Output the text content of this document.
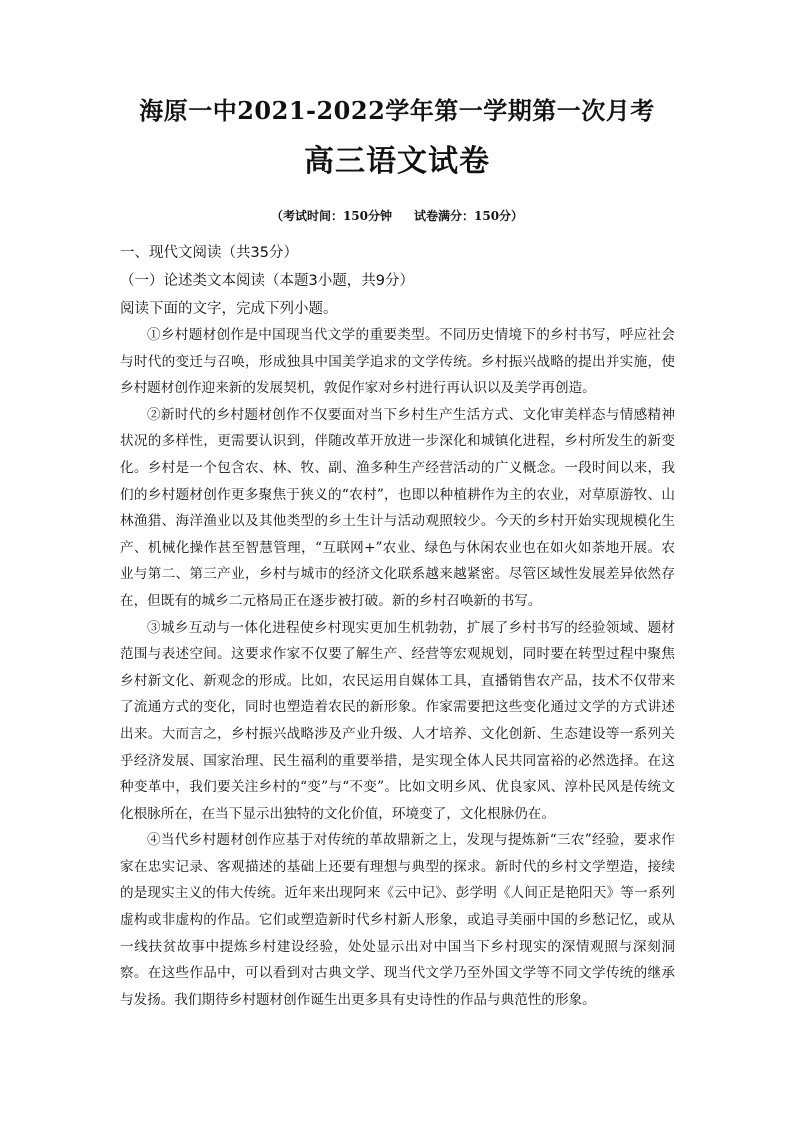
海原一中2021-2022学年第一学期第一次月考
高三语文试卷
（考试时间：150分钟 试卷满分：150分）
一、现代文阅读（共35分）
（一）论述类文本阅读（本题3小题，共9分）
阅读下面的文字，完成下列小题。

①乡村题材创作是中国现当代文学的重要类型。不同历史情境下的乡村书写，呼应社会与时代的变迁与召唤，形成独具中国美学追求的文学传统。乡村振兴战略的提出并实施，使乡村题材创作迎来新的发展契机，敦促作家对乡村进行再认识以及美学再创造。

②新时代的乡村题材创作不仅要面对当下乡村生产生活方式、文化审美样态与情感精神状况的多样性，更需要认识到，伴随改革开放进一步深化和城镇化进程，乡村所发生的新变化。乡村是一个包含农、林、牧、副、渔多种生产经营活动的广义概念。一段时间以来，我们的乡村题材创作更多聚焦于狭义的“农村”，也即以种植耕作为主的农业，对草原游牧、山林渔猎、海洋渔业以及其他类型的乡土生计与活动观照较少。今天的乡村开始实现规模化生产、机械化操作甚至智慧管理，“互联网+”农业、绿色与休闲农业也在如火如荼地开展。农业与第二、第三产业，乡村与城市的经济文化联系越来越紧密。尽管区域性发展差异依然存在，但既有的城乡二元格局正在逐步被打破。新的乡村召唤新的书写。

③城乡互动与一体化进程使乡村现实更加生机勃勃，扩展了乡村书写的经验领域、题材范围与表述空间。这要求作家不仅要了解生产、经营等宏观规划，同时要在转型过程中聚焦乡村新文化、新观念的形成。比如，农民运用自媒体工具，直播销售农产品，技术不仅带来了流通方式的变化，同时也塑造着农民的新形象。作家需要把这些变化通过文学的方式讲述出来。大而言之，乡村振兴战略涉及产业升级、人才培养、文化创新、生态建设等一系列关乎经济发展、国家治理、民生福利的重要举措，是实现全体人民共同富裕的必然选择。在这种变革中，我们要关注乡村的“变”与“不变”。比如文明乡风、优良家风、淳朴民风是传统文化根脉所在，在当下显示出独特的文化价值，环境变了，文化根脉仍在。

④当代乡村题材创作应基于对传统的革故鼎新之上，发现与提炼新“三农”经验，要求作家在忠实记录、客观描述的基础上还要有理想与典型的探求。新时代的乡村文学塑造，接续的是现实主义的伟大传统。近年来出现阿来《云中记》、彭学明《人间正是艳阳天》等一系列虚构或非虚构的作品。它们或塑造新时代乡村新人形象，或追寻美丽中国的乡愁记忆，或从一线扶贫故事中提炼乡村建设经验，处处显示出对中国当下乡村现实的深情观照与深刻洞察。在这些作品中，可以看到对古典文学、现当代文学乃至外国文学等不同文学传统的继承与发扬。我们期待乡村题材创作诞生出更多具有史诗性的作品与典范性的形象。
